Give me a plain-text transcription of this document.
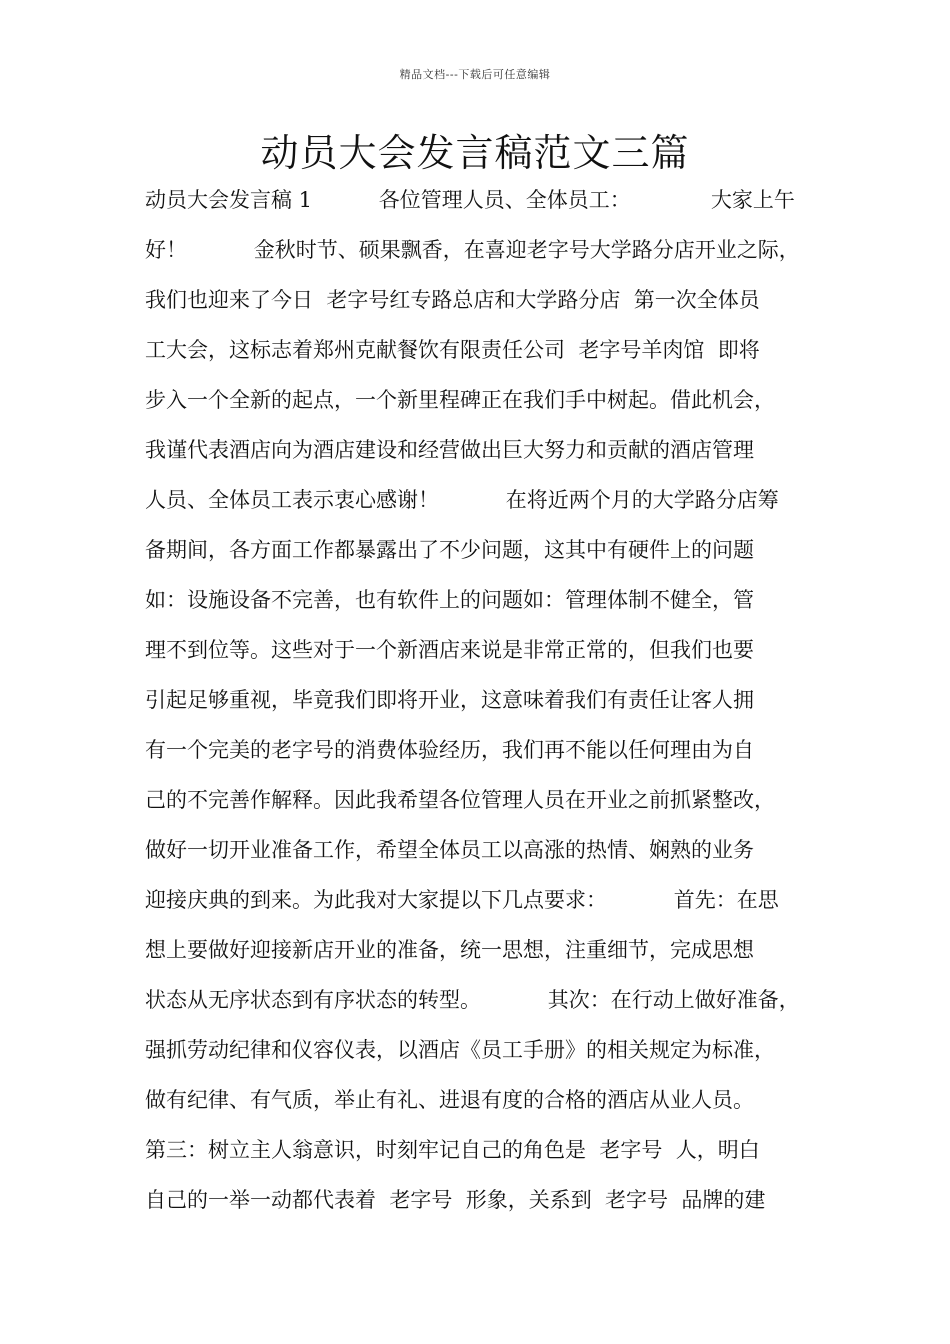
精品文档---下载后可任意编辑
动员大会发言稿范文三篇
动员大会发言稿 1          各位管理人员、全体员工：            大家上午
好！          金秋时节、硕果飘香，在喜迎老字号大学路分店开业之际，
我们也迎来了今日  老字号红专路总店和大学路分店  第一次全体员
工大会，这标志着郑州克献餐饮有限责任公司  老字号羊肉馆  即将
步入一个全新的起点，一个新里程碑正在我们手中树起。借此机会，
我谨代表酒店向为酒店建设和经营做出巨大努力和贡献的酒店管理
人员、全体员工表示衷心感谢！          在将近两个月的大学路分店筹
备期间，各方面工作都暴露出了不少问题，这其中有硬件上的问题
如：设施设备不完善，也有软件上的问题如：管理体制不健全，管
理不到位等。这些对于一个新酒店来说是非常正常的，但我们也要
引起足够重视，毕竟我们即将开业，这意味着我们有责任让客人拥
有一个完美的老字号的消费体验经历，我们再不能以任何理由为自
己的不完善作解释。因此我希望各位管理人员在开业之前抓紧整改，
做好一切开业准备工作，希望全体员工以高涨的热情、娴熟的业务
迎接庆典的到来。为此我对大家提以下几点要求：          首先：在思
想上要做好迎接新店开业的准备，统一思想，注重细节，完成思想
状态从无序状态到有序状态的转型。          其次：在行动上做好准备，
强抓劳动纪律和仪容仪表，以酒店《员工手册》的相关规定为标准，
做有纪律、有气质，举止有礼、进退有度的合格的酒店从业人员。
第三：树立主人翁意识，时刻牢记自己的角色是  老字号  人，明白
自己的一举一动都代表着  老字号  形象，关系到  老字号  品牌的建
